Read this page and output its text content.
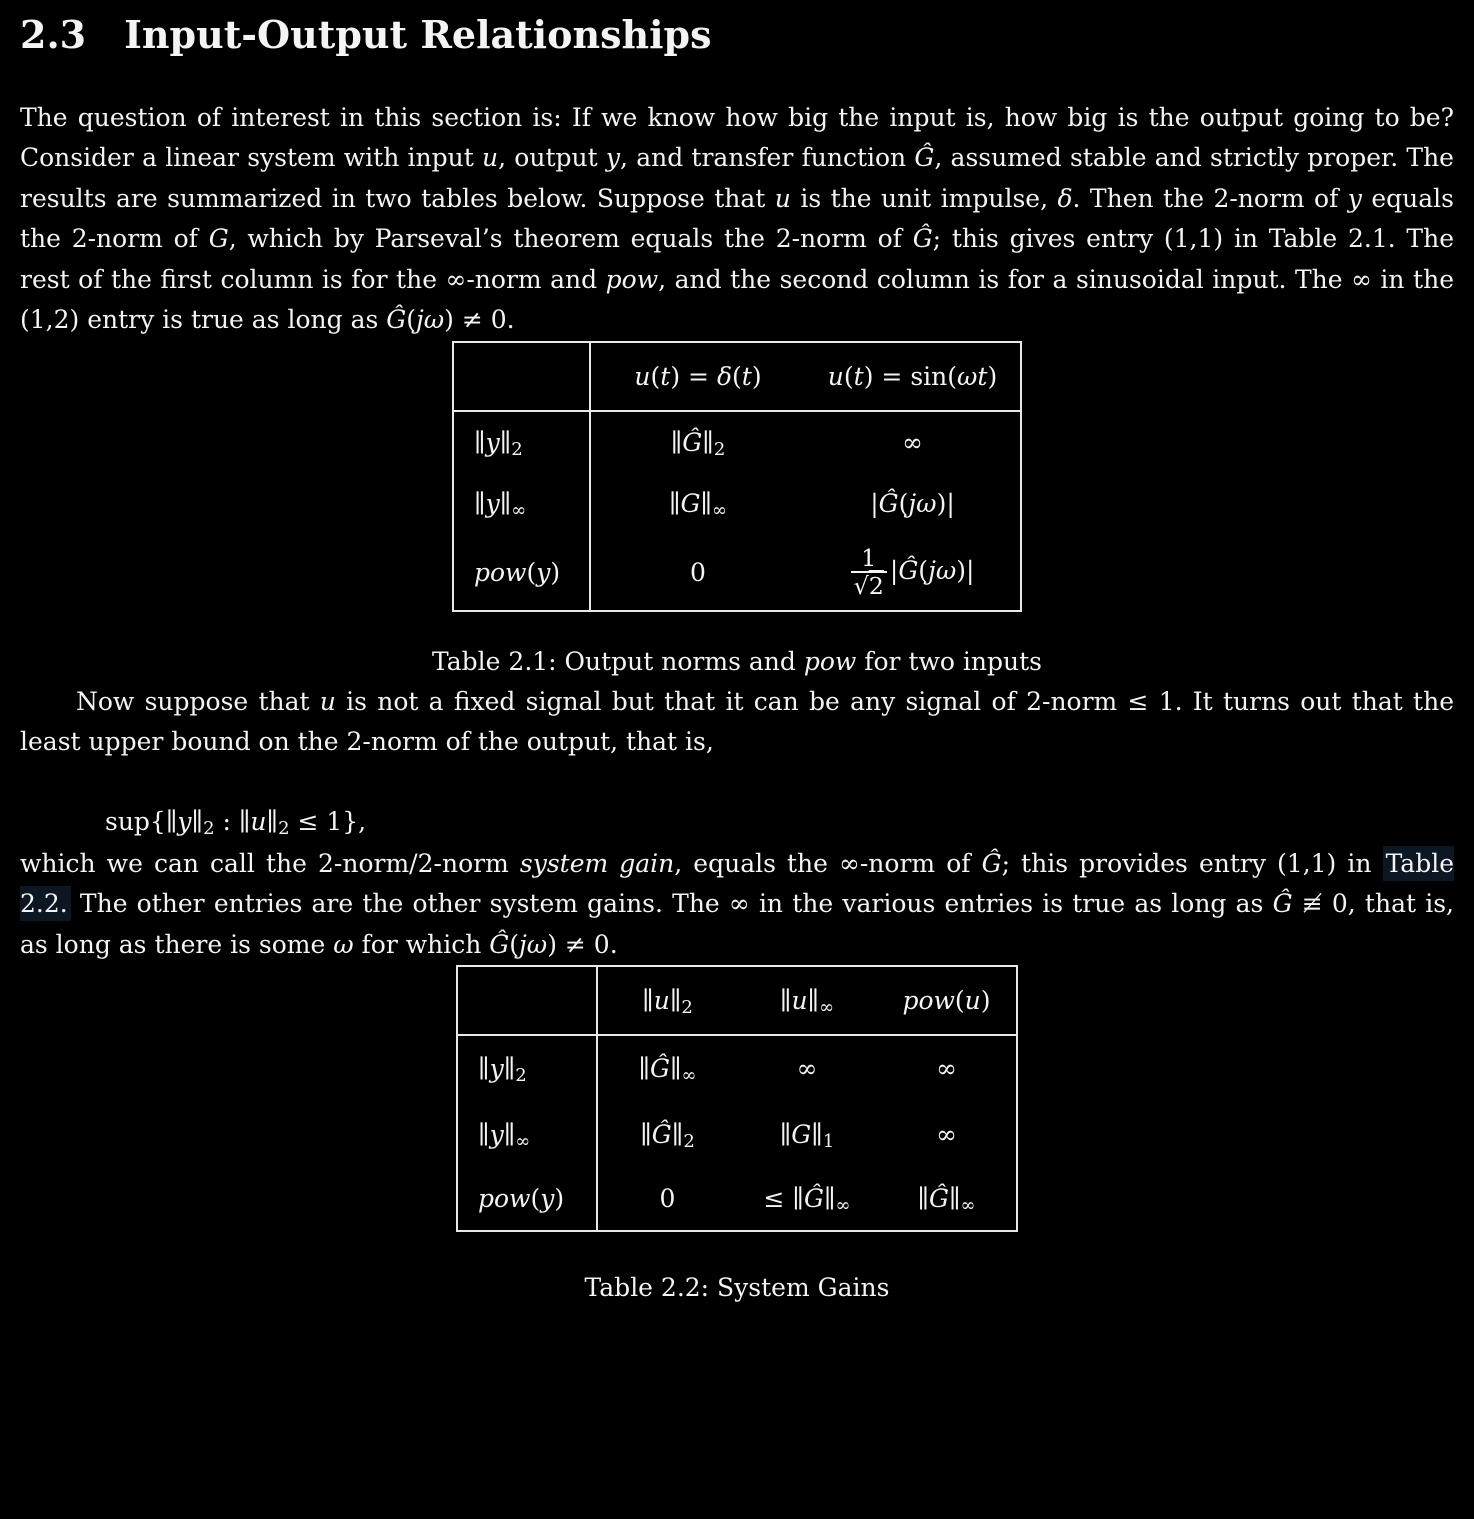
2.3 Input-Output Relationships

The question of interest in this section is: If we know how big the input is, how big is the output going to be? Consider a linear system with input u, output y, and transfer function Ĝ, assumed stable and strictly proper. The results are summarized in two tables below. Suppose that u is the unit impulse, δ. Then the 2-norm of y equals the 2-norm of G, which by Parseval’s theorem equals the 2-norm of Ĝ; this gives entry (1,1) in Table 2.1. The rest of the first column is for the ∞-norm and pow, and the second column is for a sinusoidal input. The ∞ in the (1,2) entry is true as long as Ĝ(jω) ≠ 0.

	u(t) = δ(t)	u(t) = sin(ωt)
$\parallel y\parallel_2$	$\parallel Ĝ\parallel_2$	∞
$\parallel y\parallel_\infty$	$\parallel G\parallel_\infty$	|Ĝ(jω)|
pow(y)	0	$\frac{1}{√2}$ |Ĝ(jω)|
Table 2.1: Output norms and pow for two inputs

Now suppose that u is not a fixed signal but that it can be any signal of 2-norm ≤ 1. It turns out that the least upper bound on the 2-norm of the output, that is,

$sup\{\parallel y\parallel_2$ : $\parallel u\parallel_2 \le 1$},

which we can call the 2-norm/2-norm system gain, equals the ∞-norm of Ĝ; this provides entry (1,1) in Table 2.2. The other entries are the other system gains. The ∞ in the various entries is true as long as Ĝ ≢ 0, that is, as long as there is some ω for which Ĝ(jω) ≠ 0.

	$\parallel u\parallel_2$	$\parallel u\parallel_\infty$	pow(u)
$\parallel y\parallel_2$	$\parallel Ĝ\parallel_\infty$	∞	∞
$\parallel y\parallel_\infty$	$\parallel Ĝ\parallel_2$	$\parallel G\parallel_1$	∞
pow(y)	0	≤ $\parallel Ĝ\parallel_\infty$	$\parallel Ĝ\parallel_\infty$
Table 2.2: System Gains
